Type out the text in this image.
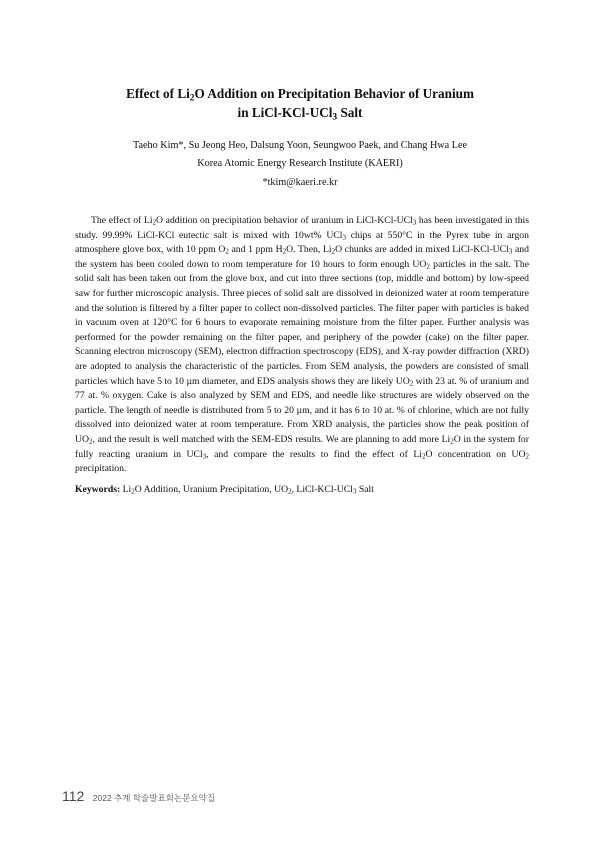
Effect of $Li_2O$ Addition on Precipitation Behavior of Uranium
in LiCl-KCl-UCl$_3$ Salt
Taeho Kim*, Su Jeong Heo, Dalsung Yoon, Seungwoo Paek, and Chang Hwa Lee
Korea Atomic Energy Research Institute (KAERI)
*tkim@kaeri.re.kr

The effect of $Li_2O$ addition on precipitation behavior of uranium in LiCl-KCl-UCl$_3$ has been investigated in this study. 99.99% LiCl-KCl eutectic salt is mixed with 10wt% UCl$_3$ chips at 550°C in the Pyrex tube in argon atmosphere glove box, with 10 ppm $O_2$ and 1 ppm $H_2O$. Then, $Li_2O$ chunks are added in mixed LiCl-KCl-UCl$_3$ and the system has been cooled down to room temperature for 10 hours to form enough $UO_2$ particles in the salt. The solid salt has been taken out from the glove box, and cut into three sections (top, middle and bottom) by low-speed saw for further microscopic analysis. Three pieces of solid salt are dissolved in deionized water at room temperature and the solution is filtered by a filter paper to collect non-dissolved particles. The filter paper with particles is baked in vacuum oven at 120°C for 6 hours to evaporate remaining moisture from the filter paper. Further analysis was performed for the powder remaining on the filter paper, and periphery of the powder (cake) on the filter paper. Scanning electron microscopy (SEM), electron diffraction spectroscopy (EDS), and X-ray powder diffraction (XRD) are adopted to analysis the characteristic of the particles. From SEM analysis, the powders are consisted of small particles which have 5 to 10 µm diameter, and EDS analysis shows they are likely $UO_2$ with 23 at. % of uranium and 77 at. % oxygen. Cake is also analyzed by SEM and EDS, and needle like structures are widely observed on the particle. The length of needle is distributed from 5 to 20 µm, and it has 6 to 10 at. % of chlorine, which are not fully dissolved into deionized water at room temperature. From XRD analysis, the particles show the peak position of $UO_2$, and the result is well matched with the SEM-EDS results. We are planning to add more $Li_2O$ in the system for fully reacting uranium in UCl$_3$, and compare the results to find the effect of $Li_2O$ concentration on $UO_2$ precipitation.

Keywords: $Li_2O$ Addition, Uranium Precipitation, $UO_2$, LiCl-KCl-UCl$_3$ Salt

112 2022 추계 학술발표회논문요약집
